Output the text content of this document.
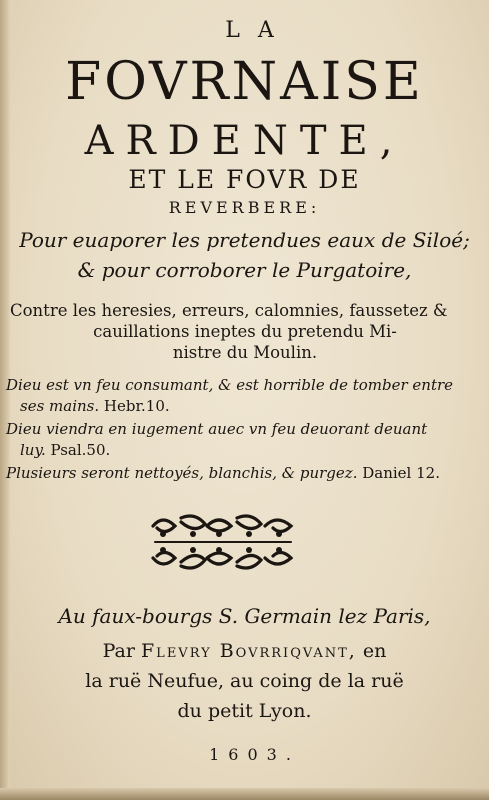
LA
FOVRNAISE
ARDENTE,
ET LE FOVR DE
REVERBERE:
Pour euaporer les pretendues eaux de Siloé;
& pour corroborer le Purgatoire,
Contre les heresies, erreurs, calomnies, faussetez &
cauillations ineptes du pretendu Mi-
nistre du Moulin.
Dieu est vn feu consumant, & est horrible de tomber entre
ses mains. Hebr.10.
Dieu viendra en iugement auec vn feu deuorant deuant
luy. Psal.50.
Plusieurs seront nettoyés, blanchis, & purgez. Daniel 12.
Au faux-bourgs S. Germain lez Paris,
Par Flevry Bovrriqvant, en
la ruë Neufue, au coing de la ruë
du petit Lyon.
1603.
